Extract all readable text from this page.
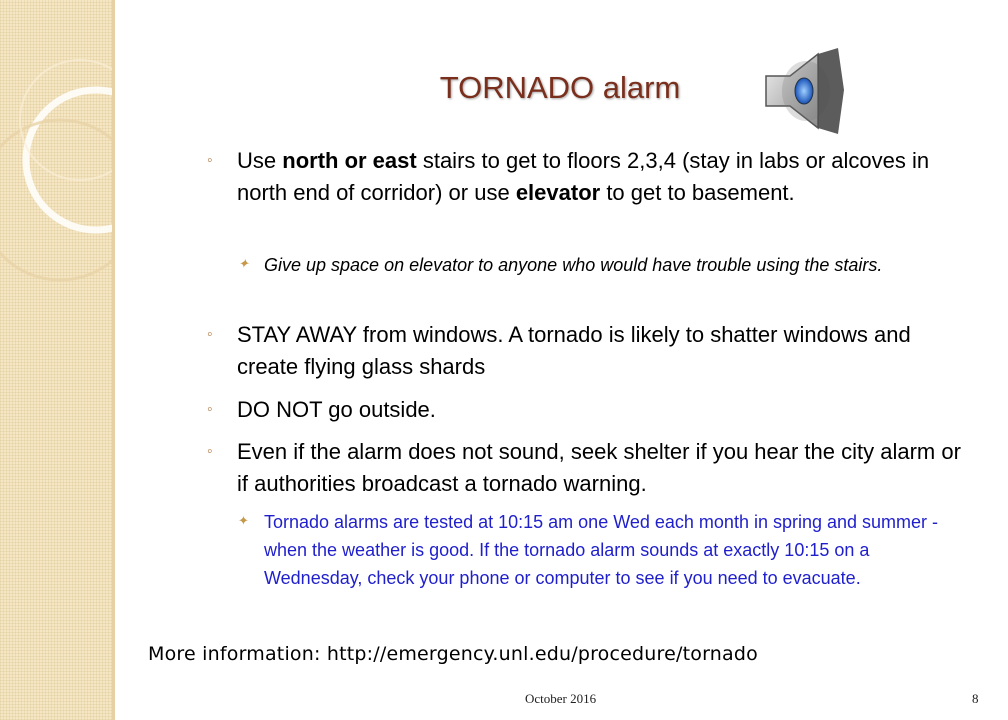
TORNADO alarm
◦ Use north or east stairs to get to floors 2,3,4 (stay in labs or alcoves in north end of corridor) or use elevator to get to basement.
✦ Give up space on elevator to anyone who would have trouble using the stairs.
◦ STAY AWAY from windows. A tornado is likely to shatter windows and create flying glass shards
◦ DO NOT go outside.
◦ Even if the alarm does not sound, seek shelter if you hear the city alarm or if authorities broadcast a tornado warning.
✦ Tornado alarms are tested at 10:15 am one Wed each month in spring and summer - when the weather is good. If the tornado alarm sounds at exactly 10:15 on a Wednesday, check your phone or computer to see if you need to evacuate.
More information: http://emergency.unl.edu/procedure/tornado
October 2016	8
